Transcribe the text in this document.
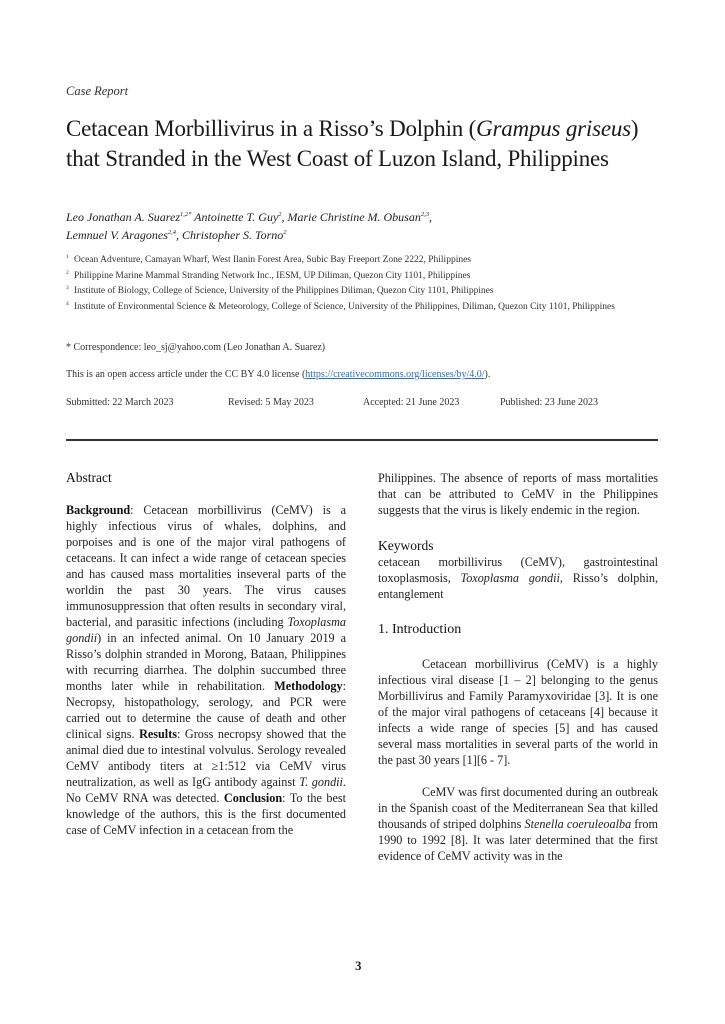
Case Report
Cetacean Morbillivirus in a Risso’s Dolphin (Grampus griseus) that Stranded in the West Coast of Luzon Island, Philippines
Leo Jonathan A. Suarez$^{1,2*}$ Antoinette T. Guy$^2$, Marie Christine M. Obusan$^{2,3}$,
Lemnuel V. Aragones$^{2,4}$, Christopher S. Torno$^2$
$^1$ Ocean Adventure, Camayan Wharf, West Ilanin Forest Area, Subic Bay Freeport Zone 2222, Philippines
$^2$ Philippine Marine Mammal Stranding Network Inc., IESM, UP Diliman, Quezon City 1101, Philippines
$^3$ Institute of Biology, College of Science, University of the Philippines Diliman, Quezon City 1101, Philippines
$^4$ Institute of Environmental Science & Meteorology, College of Science, University of the Philippines, Diliman, Quezon City 1101, Philippines
* Correspondence: leo_sj@yahoo.com (Leo Jonathan A. Suarez)
This is an open access article under the CC BY 4.0 license (https://creativecommons.org/licenses/by/4.0/).
Submitted: 22 March 2023	Revised: 5 May 2023	Accepted: 21 June 2023	Published: 23 June 2023
Abstract

Background: Cetacean morbillivirus (CeMV) is a highly infectious virus of whales, dolphins, and porpoises and is one of the major viral pathogens of cetaceans. It can infect a wide range of cetacean species and has caused mass mortalities inseveral parts of the worldin the past 30 years. The virus causes immunosuppression that often results in secondary viral, bacterial, and parasitic infections (including Toxoplasma gondii) in an infected animal. On 10 January 2019 a Risso’s dolphin stranded in Morong, Bataan, Philippines with recurring diarrhea. The dolphin succumbed three months later while in rehabilitation. Methodology: Necropsy, histopathology, serology, and PCR were carried out to determine the cause of death and other clinical signs. Results: Gross necropsy showed that the animal died due to intestinal volvulus. Serology revealed CeMV antibody titers at ≥1:512 via CeMV virus neutralization, as well as IgG antibody against T. gondii. No CeMV RNA was detected. Conclusion: To the best knowledge of the authors, this is the first documented case of CeMV infection in a cetacean from the

Philippines. The absence of reports of mass mortalities that can be attributed to CeMV in the Philippines suggests that the virus is likely endemic in the region.

Keywords

cetacean morbillivirus (CeMV), gastrointestinal toxoplasmosis, Toxoplasma gondii, Risso’s dolphin, entanglement

1. Introduction

Cetacean morbillivirus (CeMV) is a highly infectious viral disease [1 – 2] belonging to the genus Morbillivirus and Family Paramyxoviridae [3]. It is one of the major viral pathogens of cetaceans [4] because it infects a wide range of species [5] and has caused several mass mortalities in several parts of the world in the past 30 years [1][6 - 7].

CeMV was first documented during an outbreak in the Spanish coast of the Mediterranean Sea that killed thousands of striped dolphins Stenella coeruleoalba from 1990 to 1992 [8]. It was later determined that the first evidence of CeMV activity was in the

3
